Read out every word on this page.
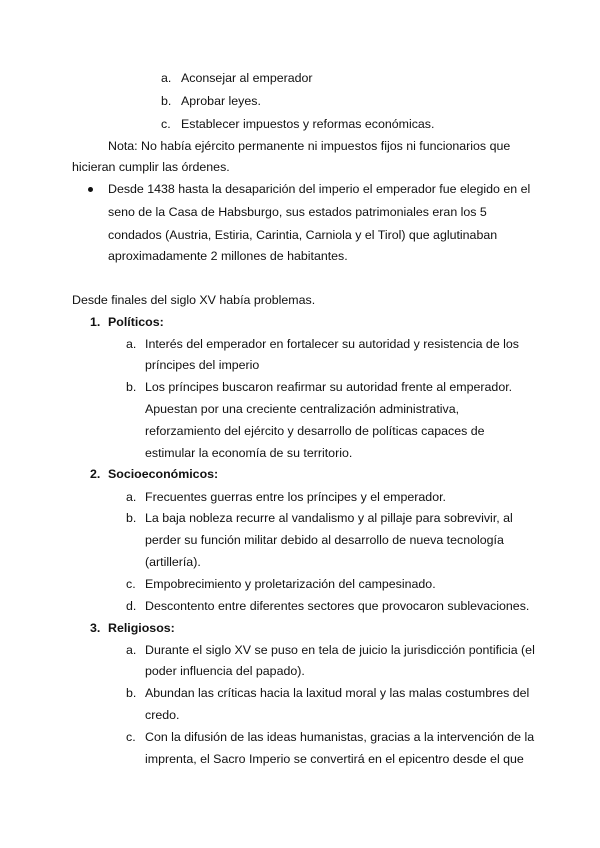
a. Aconsejar al emperador
b. Aprobar leyes.
c. Establecer impuestos y reformas económicas.
Nota: No había ejército permanente ni impuestos fijos ni funcionarios que
hicieran cumplir las órdenes.
Desde 1438 hasta la desaparición del imperio el emperador fue elegido en el
seno de la Casa de Habsburgo, sus estados patrimoniales eran los 5
condados (Austria, Estiria, Carintia, Carniola y el Tirol) que aglutinaban
aproximadamente 2 millones de habitantes.
Desde finales del siglo XV había problemas.
1. Políticos:
a. Interés del emperador en fortalecer su autoridad y resistencia de los
príncipes del imperio
b. Los príncipes buscaron reafirmar su autoridad frente al emperador.
Apuestan por una creciente centralización administrativa,
reforzamiento del ejército y desarrollo de políticas capaces de
estimular la economía de su territorio.
2. Socioeconómicos:
a. Frecuentes guerras entre los príncipes y el emperador.
b. La baja nobleza recurre al vandalismo y al pillaje para sobrevivir, al
perder su función militar debido al desarrollo de nueva tecnología
(artillería).
c. Empobrecimiento y proletarización del campesinado.
d. Descontento entre diferentes sectores que provocaron sublevaciones.
3. Religiosos:
a. Durante el siglo XV se puso en tela de juicio la jurisdicción pontificia (el
poder influencia del papado).
b. Abundan las críticas hacia la laxitud moral y las malas costumbres del
credo.
c. Con la difusión de las ideas humanistas, gracias a la intervención de la
imprenta, el Sacro Imperio se convertirá en el epicentro desde el que
